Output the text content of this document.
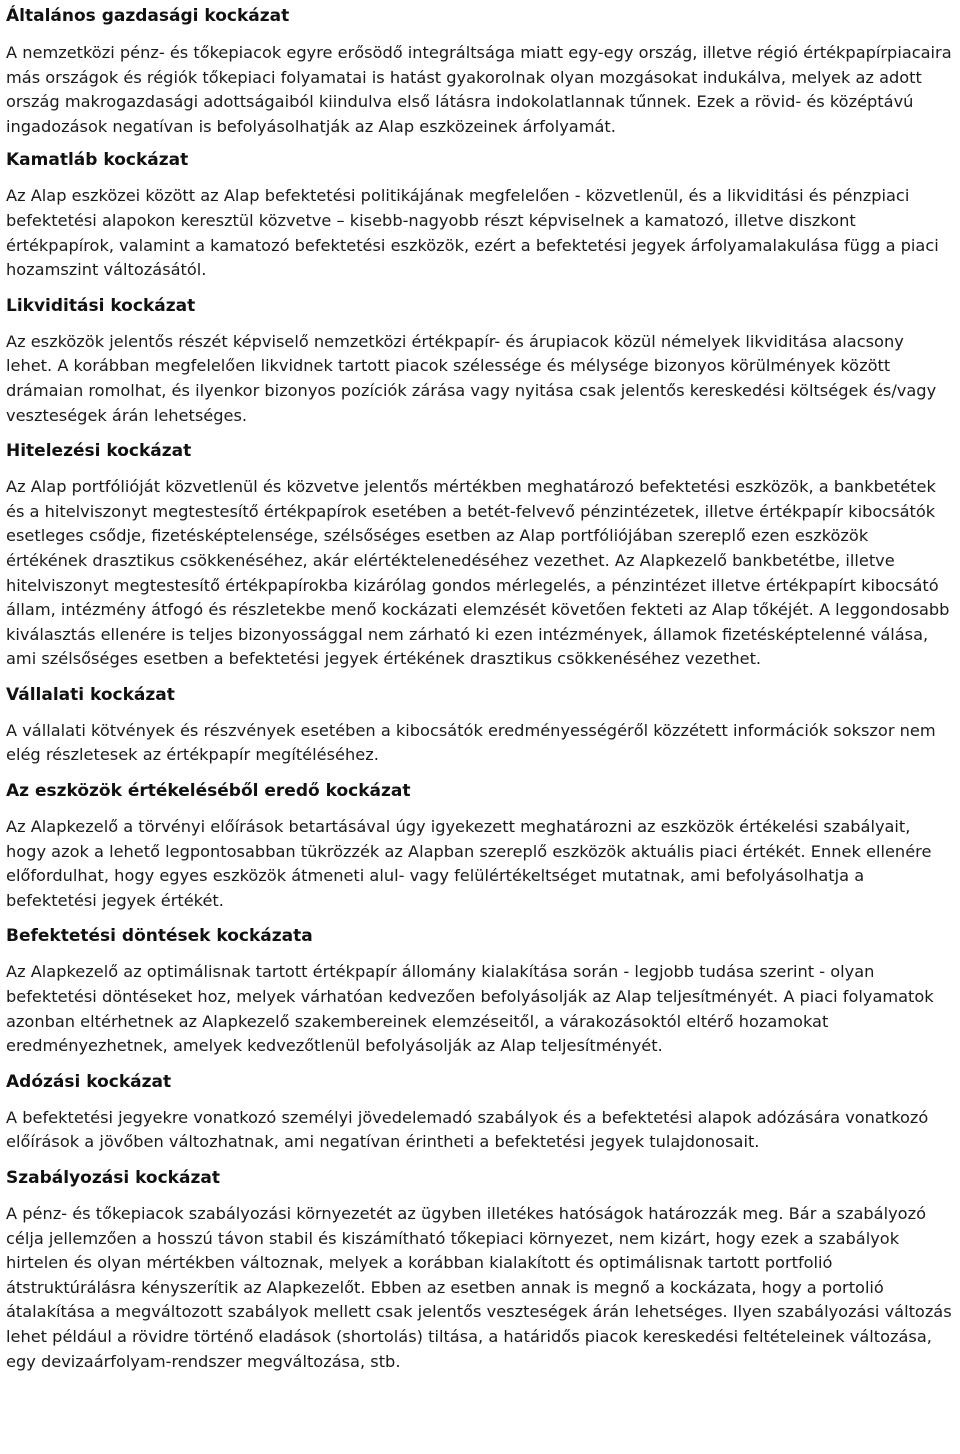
Általános gazdasági kockázat

A nemzetközi pénz- és tőkepiacok egyre erősödő integráltsága miatt egy-egy ország, illetve régió értékpapírpiacaira más országok és régiók tőkepiaci folyamatai is hatást gyakorolnak olyan mozgásokat indukálva, melyek az adott ország makrogazdasági adottságaiból kiindulva első látásra indokolatlannak tűnnek. Ezek a rövid- és középtávú ingadozások negatívan is befolyásolhatják az Alap eszközeinek árfolyamát.

Kamatláb kockázat

Az Alap eszközei között az Alap befektetési politikájának megfelelően - közvetlenül, és a likviditási és pénzpiaci befektetési alapokon keresztül közvetve – kisebb-nagyobb részt képviselnek a kamatozó, illetve diszkont értékpapírok, valamint a kamatozó befektetési eszközök, ezért a befektetési jegyek árfolyamalakulása függ a piaci hozamszint változásától.

Likviditási kockázat

Az eszközök jelentős részét képviselő nemzetközi értékpapír- és árupiacok közül némelyek likviditása alacsony lehet. A korábban megfelelően likvidnek tartott piacok szélessége és mélysége bizonyos körülmények között drámaian romolhat, és ilyenkor bizonyos pozíciók zárása vagy nyitása csak jelentős kereskedési költségek és/vagy veszteségek árán lehetséges.

Hitelezési kockázat

Az Alap portfólióját közvetlenül és közvetve jelentős mértékben meghatározó befektetési eszközök, a bankbetétek és a hitelviszonyt megtestesítő értékpapírok esetében a betét-felvevő pénzintézetek, illetve értékpapír kibocsátók esetleges csődje, fizetésképtelensége, szélsőséges esetben az Alap portfóliójában szereplő ezen eszközök értékének drasztikus csökkenéséhez, akár elértéktelenedéséhez vezethet. Az Alapkezelő bankbetétbe, illetve hitelviszonyt megtestesítő értékpapírokba kizárólag gondos mérlegelés, a pénzintézet illetve értékpapírt kibocsátó állam, intézmény átfogó és részletekbe menő kockázati elemzését követően fekteti az Alap tőkéjét. A leggondosabb kiválasztás ellenére is teljes bizonyossággal nem zárható ki ezen intézmények, államok fizetésképtelenné válása, ami szélsőséges esetben a befektetési jegyek értékének drasztikus csökkenéséhez vezethet.

Vállalati kockázat

A vállalati kötvények és részvények esetében a kibocsátók eredményességéről közzétett információk sokszor nem elég részletesek az értékpapír megítéléséhez.

Az eszközök értékeléséből eredő kockázat

Az Alapkezelő a törvényi előírások betartásával úgy igyekezett meghatározni az eszközök értékelési szabályait, hogy azok a lehető legpontosabban tükrözzék az Alapban szereplő eszközök aktuális piaci értékét. Ennek ellenére előfordulhat, hogy egyes eszközök átmeneti alul- vagy felülértékeltséget mutatnak, ami befolyásolhatja a befektetési jegyek értékét.

Befektetési döntések kockázata

Az Alapkezelő az optimálisnak tartott értékpapír állomány kialakítása során - legjobb tudása szerint - olyan befektetési döntéseket hoz, melyek várhatóan kedvezően befolyásolják az Alap teljesítményét. A piaci folyamatok azonban eltérhetnek az Alapkezelő szakembereinek elemzéseitől, a várakozásoktól eltérő hozamokat eredményezhetnek, amelyek kedvezőtlenül befolyásolják az Alap teljesítményét.

Adózási kockázat

A befektetési jegyekre vonatkozó személyi jövedelemadó szabályok és a befektetési alapok adózására vonatkozó előírások a jövőben változhatnak, ami negatívan érintheti a befektetési jegyek tulajdonosait.

Szabályozási kockázat

A pénz- és tőkepiacok szabályozási környezetét az ügyben illetékes hatóságok határozzák meg. Bár a szabályozó célja jellemzően a hosszú távon stabil és kiszámítható tőkepiaci környezet, nem kizárt, hogy ezek a szabályok hirtelen és olyan mértékben változnak, melyek a korábban kialakított és optimálisnak tartott portfolió átstruktúrálásra kényszerítik az Alapkezelőt. Ebben az esetben annak is megnő a kockázata, hogy a portolió átalakítása a megváltozott szabályok mellett csak jelentős veszteségek árán lehetséges. Ilyen szabályozási változás lehet például a rövidre történő eladások (shortolás) tiltása, a határidős piacok kereskedési feltételeinek változása, egy devizaárfolyam-rendszer megváltozása, stb.
